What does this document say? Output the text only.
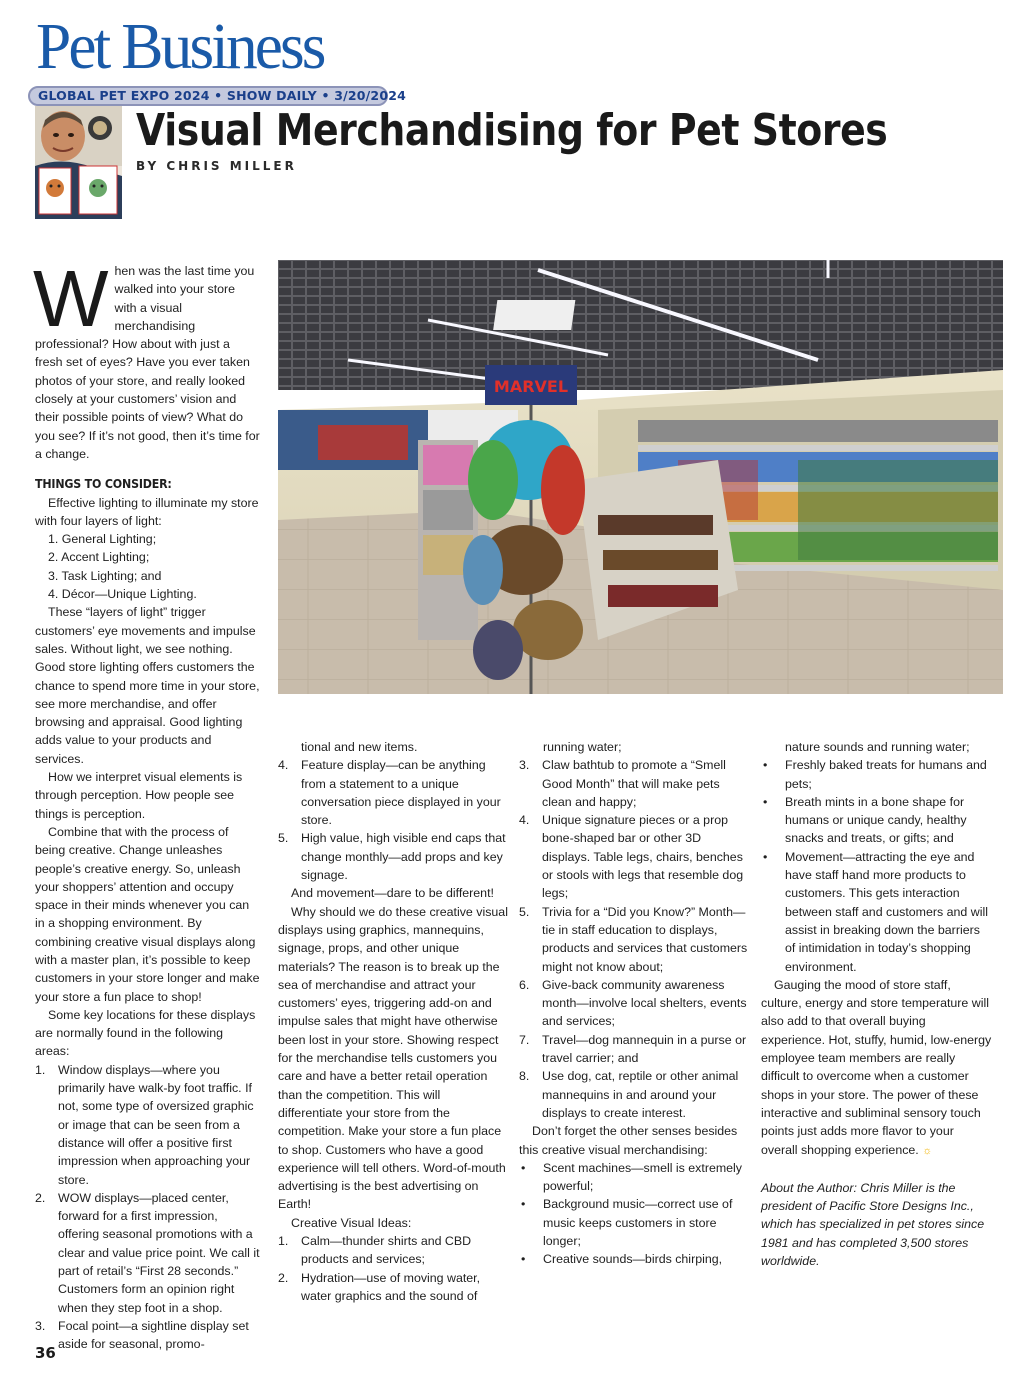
Pet Business
GLOBAL PET EXPO 2024 • SHOW DAILY • 3/20/2024
Visual Merchandising for Pet Stores
BY CHRIS MILLER
MARVEL

When was the last time you walked into your store with a visual merchandising professional? How about with just a fresh set of eyes? Have you ever taken photos of your store, and really looked closely at your customers’ vision and their possible points of view? What do you see? If it’s not good, then it’s time for a change.

THINGS TO CONSIDER:

Effective lighting to illuminate my store with four layers of light:

1. General Lighting;
2. Accent Lighting;
3. Task Lighting; and
4. Décor—Unique Lighting.

These “layers of light” trigger customers’ eye movements and impulse sales. Without light, we see nothing. Good store lighting offers customers the chance to spend more time in your store, see more merchandise, and offer browsing and appraisal. Good lighting adds value to your products and services.

How we interpret visual elements is through perception. How people see things is perception.

Combine that with the process of being creative. Change unleashes people’s creative energy. So, unleash your shoppers’ attention and occupy space in their minds whenever you can in a shopping environment. By combining creative visual displays along with a master plan, it’s possible to keep customers in your store longer and make your store a fun place to shop!

Some key locations for these displays are normally found in the following areas:

1.	Window displays—where you primarily have walk-by foot traffic. If not, some type of oversized graphic or image that can be seen from a distance will offer a positive first impression when approaching your store.
2.	WOW displays—placed center, forward for a first impression, offering seasonal promotions with a clear and value price point. We call it part of retail’s “First 28 seconds.” Customers form an opinion right when they step foot in a shop.
3.	Focal point—a sightline display set aside for seasonal, promo-
tional and new items.
4.	Feature display—can be anything from a statement to a unique conversation piece displayed in your store.
5.	High value, high visible end caps that change monthly—add props and key signage.

And movement—dare to be different!

Why should we do these creative visual displays using graphics, mannequins, signage, props, and other unique materials? The reason is to break up the sea of merchandise and attract your customers’ eyes, triggering add-on and impulse sales that might have otherwise been lost in your store. Showing respect for the merchandise tells customers you care and have a better retail operation than the competition. This will differentiate your store from the competition. Make your store a fun place to shop. Customers who have a good experience will tell others. Word-of-mouth advertising is the best advertising on Earth!

Creative Visual Ideas:

1.	Calm—thunder shirts and CBD products and services;
2.	Hydration—use of moving water, water graphics and the sound of
running water;
3.	Claw bathtub to promote a “Smell Good Month” that will make pets clean and happy;
4.	Unique signature pieces or a prop bone-shaped bar or other 3D displays. Table legs, chairs, benches or stools with legs that resemble dog legs;
5.	Trivia for a “Did you Know?” Month—tie in staff education to displays, products and services that customers might not know about;
6.	Give-back community awareness month—involve local shelters, events and services;
7.	Travel—dog mannequin in a purse or travel carrier; and
8.	Use dog, cat, reptile or other animal mannequins in and around your displays to create interest.

Don’t forget the other senses besides this creative visual merchandising:

•	Scent machines—smell is extremely powerful;
•	Background music—correct use of music keeps customers in store longer;
•	Creative sounds—birds chirping,
nature sounds and running water;
•	Freshly baked treats for humans and pets;
•	Breath mints in a bone shape for humans or unique candy, healthy snacks and treats, or gifts; and
•	Movement—attracting the eye and have staff hand more products to customers. This gets interaction between staff and customers and will assist in breaking down the barriers of intimidation in today’s shopping environment.

Gauging the mood of store staff, culture, energy and store temperature will also add to that overall buying experience. Hot, stuffy, humid, low-energy employee team members are really difficult to overcome when a customer shops in your store. The power of these interactive and subliminal sensory touch points just adds more flavor to your overall shopping experience. ☼

About the Author: Chris Miller is the president of Pacific Store Designs Inc., which has specialized in pet stores since 1981 and has completed 3,500 stores worldwide.

36
